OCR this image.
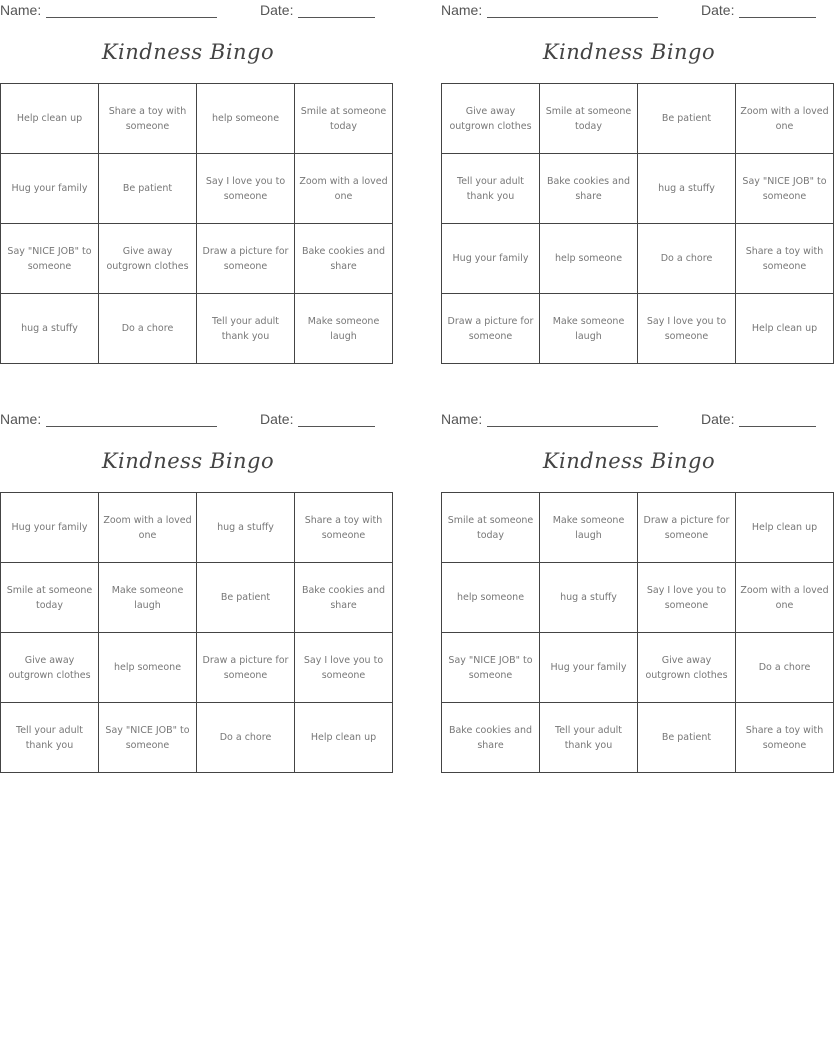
Name:	Date:
Kindness Bingo
Help clean up	Share a toy with someone	help someone	Smile at someone today
Hug your family	Be patient	Say I love you to someone	Zoom with a loved one
Say "NICE JOB" to someone	Give away outgrown clothes	Draw a picture for someone	Bake cookies and share
hug a stuffy	Do a chore	Tell your adult thank you	Make someone laugh
Name:	Date:
Kindness Bingo
Give away outgrown clothes	Smile at someone today	Be patient	Zoom with a loved one
Tell your adult thank you	Bake cookies and share	hug a stuffy	Say "NICE JOB" to someone
Hug your family	help someone	Do a chore	Share a toy with someone
Draw a picture for someone	Make someone laugh	Say I love you to someone	Help clean up
Name:	Date:
Kindness Bingo
Hug your family	Zoom with a loved one	hug a stuffy	Share a toy with someone
Smile at someone today	Make someone laugh	Be patient	Bake cookies and share
Give away outgrown clothes	help someone	Draw a picture for someone	Say I love you to someone
Tell your adult thank you	Say "NICE JOB" to someone	Do a chore	Help clean up
Name:	Date:
Kindness Bingo
Smile at someone today	Make someone laugh	Draw a picture for someone	Help clean up
help someone	hug a stuffy	Say I love you to someone	Zoom with a loved one
Say "NICE JOB" to someone	Hug your family	Give away outgrown clothes	Do a chore
Bake cookies and share	Tell your adult thank you	Be patient	Share a toy with someone
